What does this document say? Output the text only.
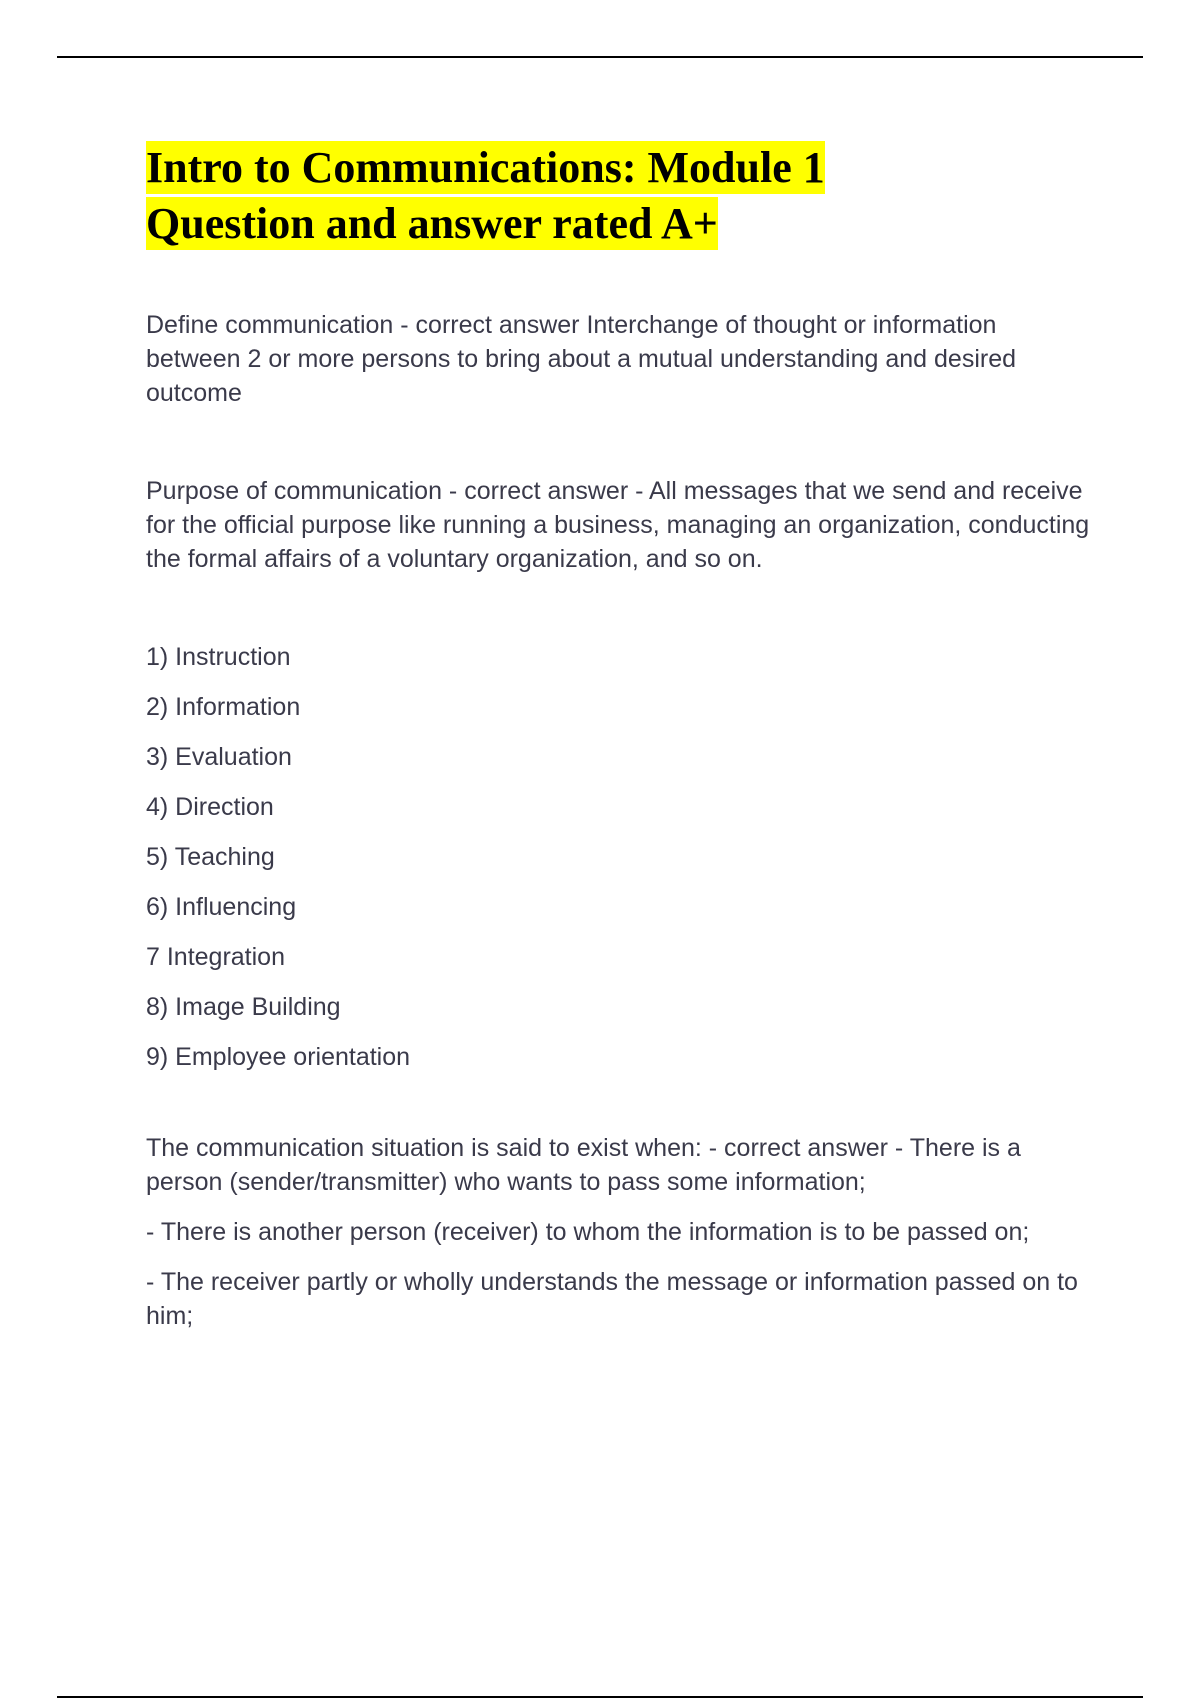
Intro to Communications: Module 1
Question and answer rated A+

Define communication - correct answer Interchange of thought or information between 2 or more persons to bring about a mutual understanding and desired outcome

Purpose of communication - correct answer - All messages that we send and receive for the official purpose like running a business, managing an organization, conducting the formal affairs of a voluntary organization, and so on.

1) Instruction
2) Information
3) Evaluation
4) Direction
5) Teaching
6) Influencing
7 Integration
8) Image Building
9) Employee orientation

The communication situation is said to exist when: - correct answer - There is a person (sender/transmitter) who wants to pass some information;

- There is another person (receiver) to whom the information is to be passed on;

- The receiver partly or wholly understands the message or information passed on to him;
